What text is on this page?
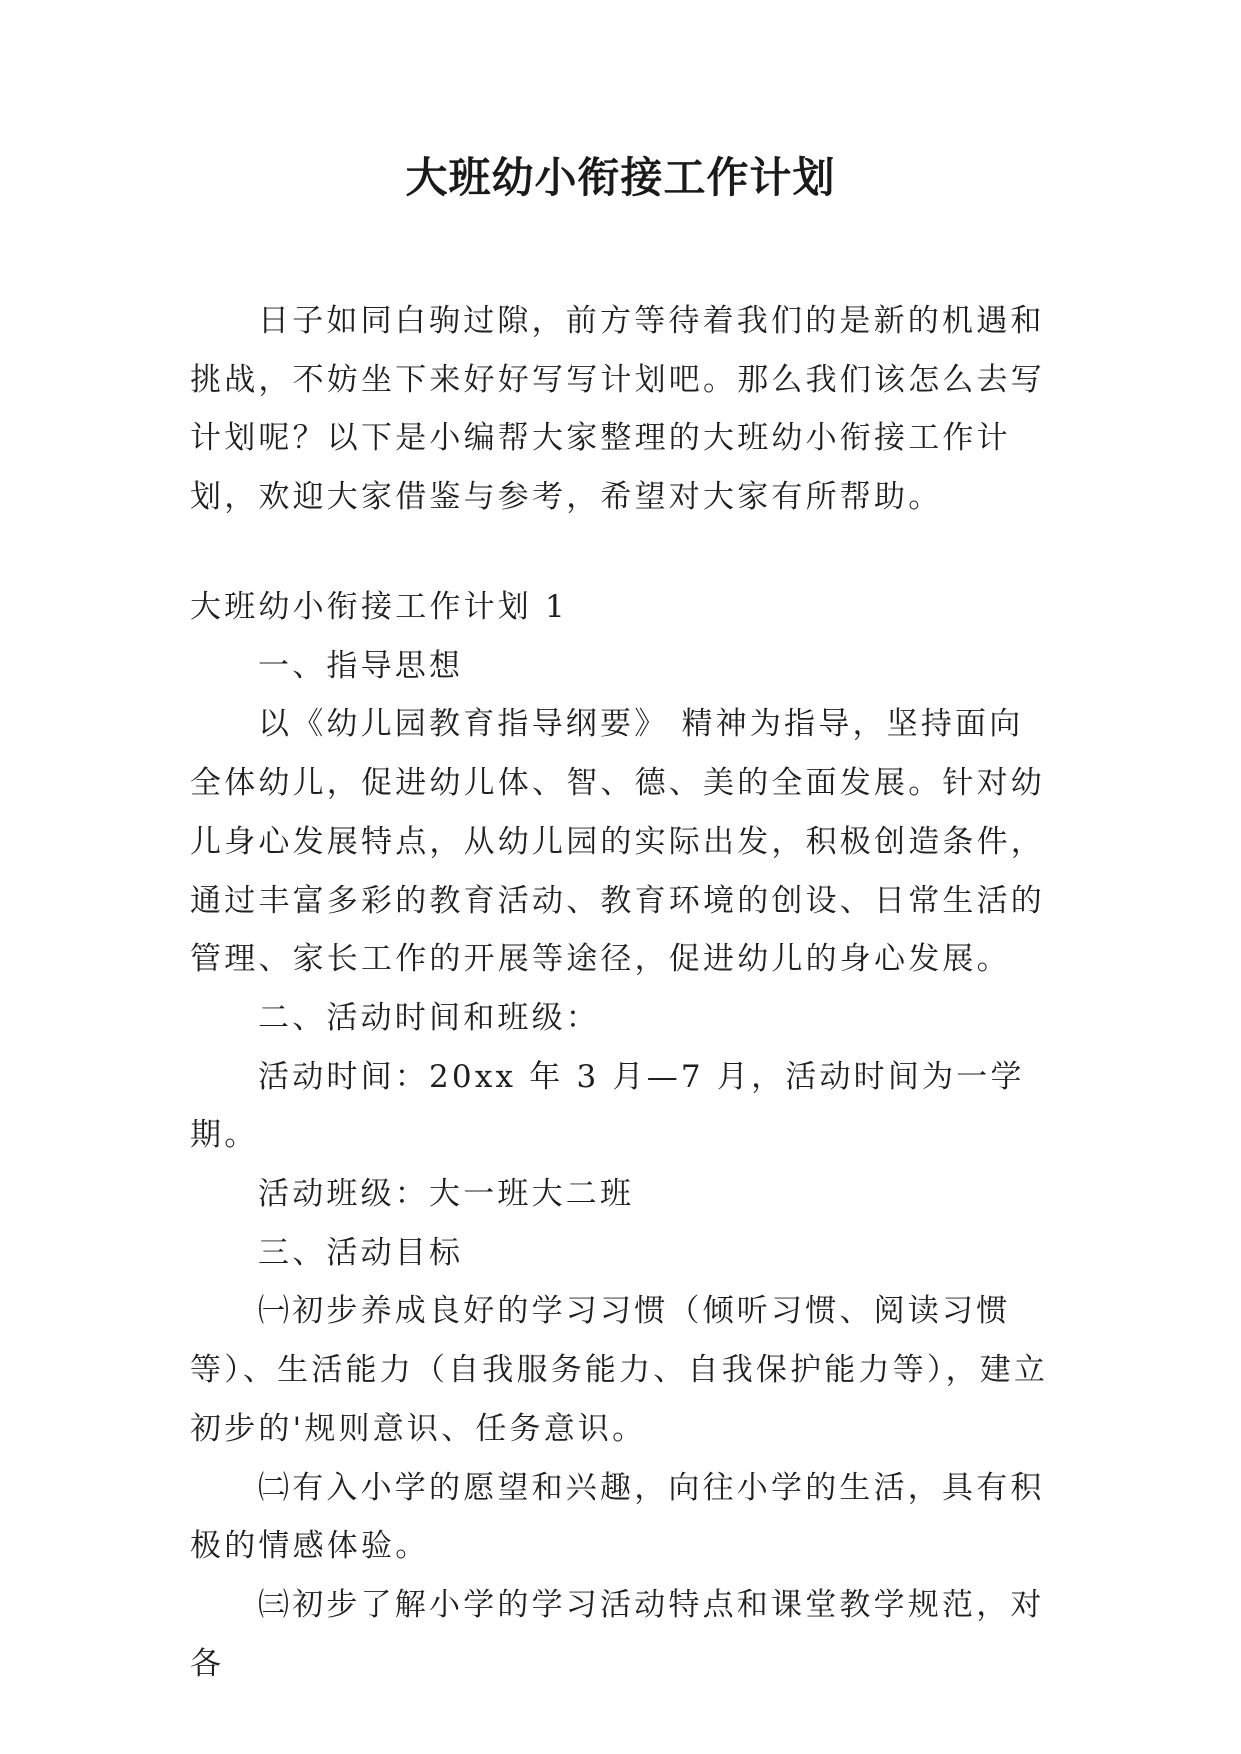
大班幼小衔接工作计划

日子如同白驹过隙，前方等待着我们的是新的机遇和挑战，不妨坐下来好好写写计划吧。那么我们该怎么去写计划呢？以下是小编帮大家整理的大班幼小衔接工作计划，欢迎大家借鉴与参考，希望对大家有所帮助。

大班幼小衔接工作计划 1

一、指导思想

以《幼儿园教育指导纲要》 精神为指导，坚持面向全体幼儿，促进幼儿体、智、德、美的全面发展。针对幼儿身心发展特点，从幼儿园的实际出发，积极创造条件，通过丰富多彩的教育活动、教育环境的创设、日常生活的管理、家长工作的开展等途径，促进幼儿的身心发展。

二、活动时间和班级：

活动时间：20xx 年 3 月—7 月，活动时间为一学期。

活动班级：大一班大二班

三、活动目标

㈠初步养成良好的学习习惯（倾听习惯、阅读习惯等）、生活能力（自我服务能力、自我保护能力等），建立初步的'规则意识、任务意识。

㈡有入小学的愿望和兴趣，向往小学的生活，具有积极的情感体验。

㈢初步了解小学的学习活动特点和课堂教学规范，对各
